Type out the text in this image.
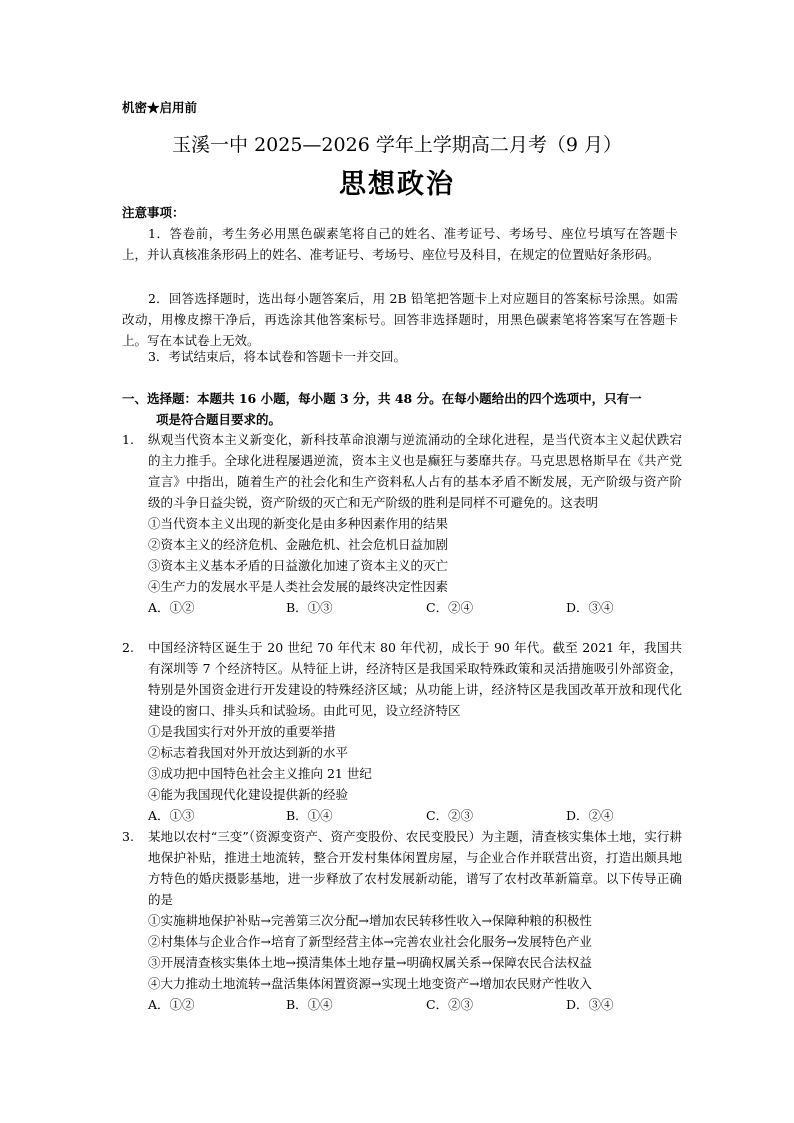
机密★启用前
玉溪一中 2025—2026 学年上学期高二月考（9 月）
思想政治
注意事项：

1．答卷前，考生务必用黑色碳素笔将自己的姓名、准考证号、考场号、座位号填写在答题卡上，并认真核准条形码上的姓名、准考证号、考场号、座位号及科目，在规定的位置贴好条形码。

2．回答选择题时，选出每小题答案后，用 2B 铅笔把答题卡上对应题目的答案标号涂黑。如需改动，用橡皮擦干净后，再选涂其他答案标号。回答非选择题时，用黑色碳素笔将答案写在答题卡上。写在本试卷上无效。

3．考试结束后，将本试卷和答题卡一并交回。

一、选择题：本题共 16 小题，每小题 3 分，共 48 分。在每小题给出的四个选项中，只有一
项是符合题目要求的。
1.	纵观当代资本主义新变化，新科技革命浪潮与逆流涌动的全球化进程，是当代资本主义起伏跌宕的主力推手。全球化进程屡遇逆流，资本主义也是癫狂与萎靡共存。马克思恩格斯早在《共产党宣言》中指出，随着生产的社会化和生产资料私人占有的基本矛盾不断发展，无产阶级与资产阶级的斗争日益尖锐，资产阶级的灭亡和无产阶级的胜利是同样不可避免的。这表明
①当代资本主义出现的新变化是由多种因素作用的结果
②资本主义的经济危机、金融危机、社会危机日益加剧
③资本主义基本矛盾的日益激化加速了资本主义的灭亡
④生产力的发展水平是人类社会发展的最终决定性因素
A．①②	B．①③	C．②④	D．③④
2.	中国经济特区诞生于 20 世纪 70 年代末 80 年代初，成长于 90 年代。截至 2021 年，我国共有深圳等 7 个经济特区。从特征上讲，经济特区是我国采取特殊政策和灵活措施吸引外部资金，特别是外国资金进行开发建设的特殊经济区域；从功能上讲，经济特区是我国改革开放和现代化建设的窗口、排头兵和试验场。由此可见，设立经济特区
①是我国实行对外开放的重要举措
②标志着我国对外开放达到新的水平
③成功把中国特色社会主义推向 21 世纪
④能为我国现代化建设提供新的经验
A．①③	B．①④	C．②③	D．②④
3.	某地以农村“三变”（资源变资产、资产变股份、农民变股民）为主题，清查核实集体土地，实行耕地保护补贴，推进土地流转，整合开发村集体闲置房屋，与企业合作并联营出资，打造出颇具地方特色的婚庆摄影基地，进一步释放了农村发展新动能，谱写了农村改革新篇章。以下传导正确的是
①实施耕地保护补贴→完善第三次分配→增加农民转移性收入→保障种粮的积极性
②村集体与企业合作→培育了新型经营主体→完善农业社会化服务→发展特色产业
③开展清查核实集体土地→摸清集体土地存量→明确权属关系→保障农民合法权益
④大力推动土地流转→盘活集体闲置资源→实现土地变资产→增加农民财产性收入
A．①②	B．①④	C．②③	D．③④
